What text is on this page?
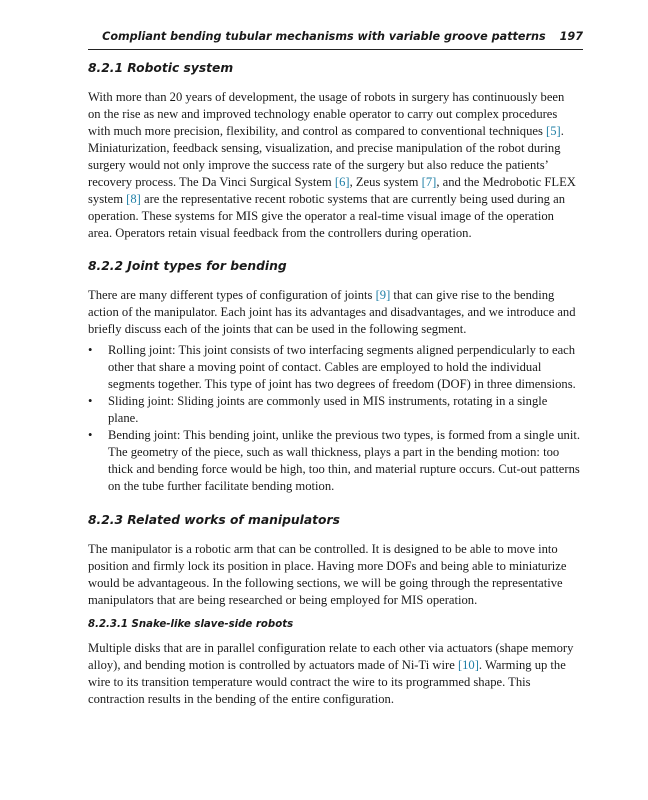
Compliant bending tubular mechanisms with variable groove patterns 197
8.2.1 Robotic system

With more than 20 years of development, the usage of robots in surgery has continuously been on the rise as new and improved technology enable operator to carry out complex procedures with much more precision, flexibility, and control as compared to conventional techniques [5]. Miniaturization, feedback sensing, visualization, and precise manipulation of the robot during surgery would not only improve the success rate of the surgery but also reduce the patients’ recovery process. The Da Vinci Surgical System [6], Zeus system [7], and the Medrobotic FLEX system [8] are the representative recent robotic systems that are currently being used during an operation. These systems for MIS give the operator a real-time visual image of the operation area. Operators retain visual feedback from the controllers during operation.

8.2.2 Joint types for bending

There are many different types of configuration of joints [9] that can give rise to the bending action of the manipulator. Each joint has its advantages and disadvantages, and we introduce and briefly discuss each of the joints that can be used in the following segment.

• Rolling joint: This joint consists of two interfacing segments aligned perpendicularly to each other that share a moving point of contact. Cables are employed to hold the individual segments together. This type of joint has two degrees of freedom (DOF) in three dimensions.
• Sliding joint: Sliding joints are commonly used in MIS instruments, rotating in a single plane.
• Bending joint: This bending joint, unlike the previous two types, is formed from a single unit. The geometry of the piece, such as wall thickness, plays a part in the bending motion: too thick and bending force would be high, too thin, and material rupture occurs. Cut-out patterns on the tube further facilitate bending motion.
8.2.3 Related works of manipulators

The manipulator is a robotic arm that can be controlled. It is designed to be able to move into position and firmly lock its position in place. Having more DOFs and being able to miniaturize would be advantageous. In the following sections, we will be going through the representative manipulators that are being researched or being employed for MIS operation.

8.2.3.1 Snake-like slave-side robots

Multiple disks that are in parallel configuration relate to each other via actuators (shape memory alloy), and bending motion is controlled by actuators made of Ni-Ti wire [10]. Warming up the wire to its transition temperature would contract the wire to its programmed shape. This contraction results in the bending of the entire configuration.
